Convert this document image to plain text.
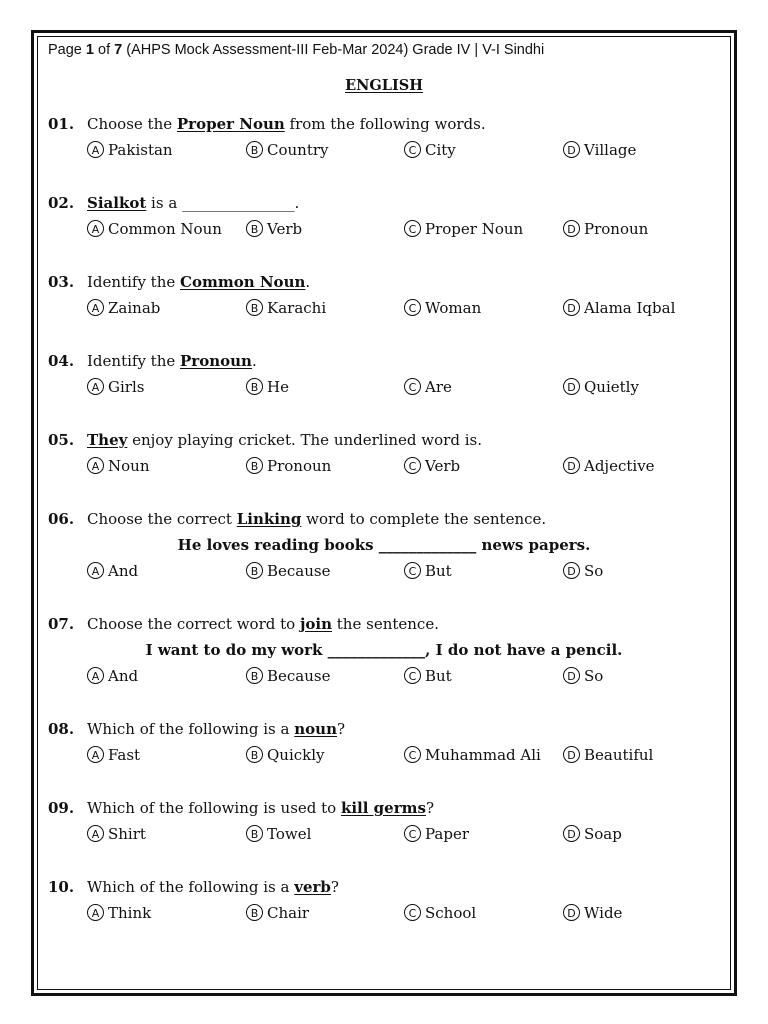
Page 1 of 7 (AHPS Mock Assessment-III Feb-Mar 2024) Grade IV | V-I Sindhi
ENGLISH
01. Choose the Proper Noun from the following words.
A Pakistan	B Country	C City	D Village
02. Sialkot is a _______________.
A Common Noun	B Verb	C Proper Noun	D Pronoun
03. Identify the Common Noun.
A Zainab	B Karachi	C Woman	D Alama Iqbal
04. Identify the Pronoun.
A Girls	B He	C Are	D Quietly
05. They enjoy playing cricket. The underlined word is.
A Noun	B Pronoun	C Verb	D Adjective
06. Choose the correct Linking word to complete the sentence.
He loves reading books _____________ news papers.
A And	B Because	C But	D So
07. Choose the correct word to join the sentence.
I want to do my work _____________, I do not have a pencil.
A And	B Because	C But	D So
08. Which of the following is a noun?
A Fast	B Quickly	C Muhammad Ali	D Beautiful
09. Which of the following is used to kill germs?
A Shirt	B Towel	C Paper	D Soap
10. Which of the following is a verb?
A Think	B Chair	C School	D Wide
